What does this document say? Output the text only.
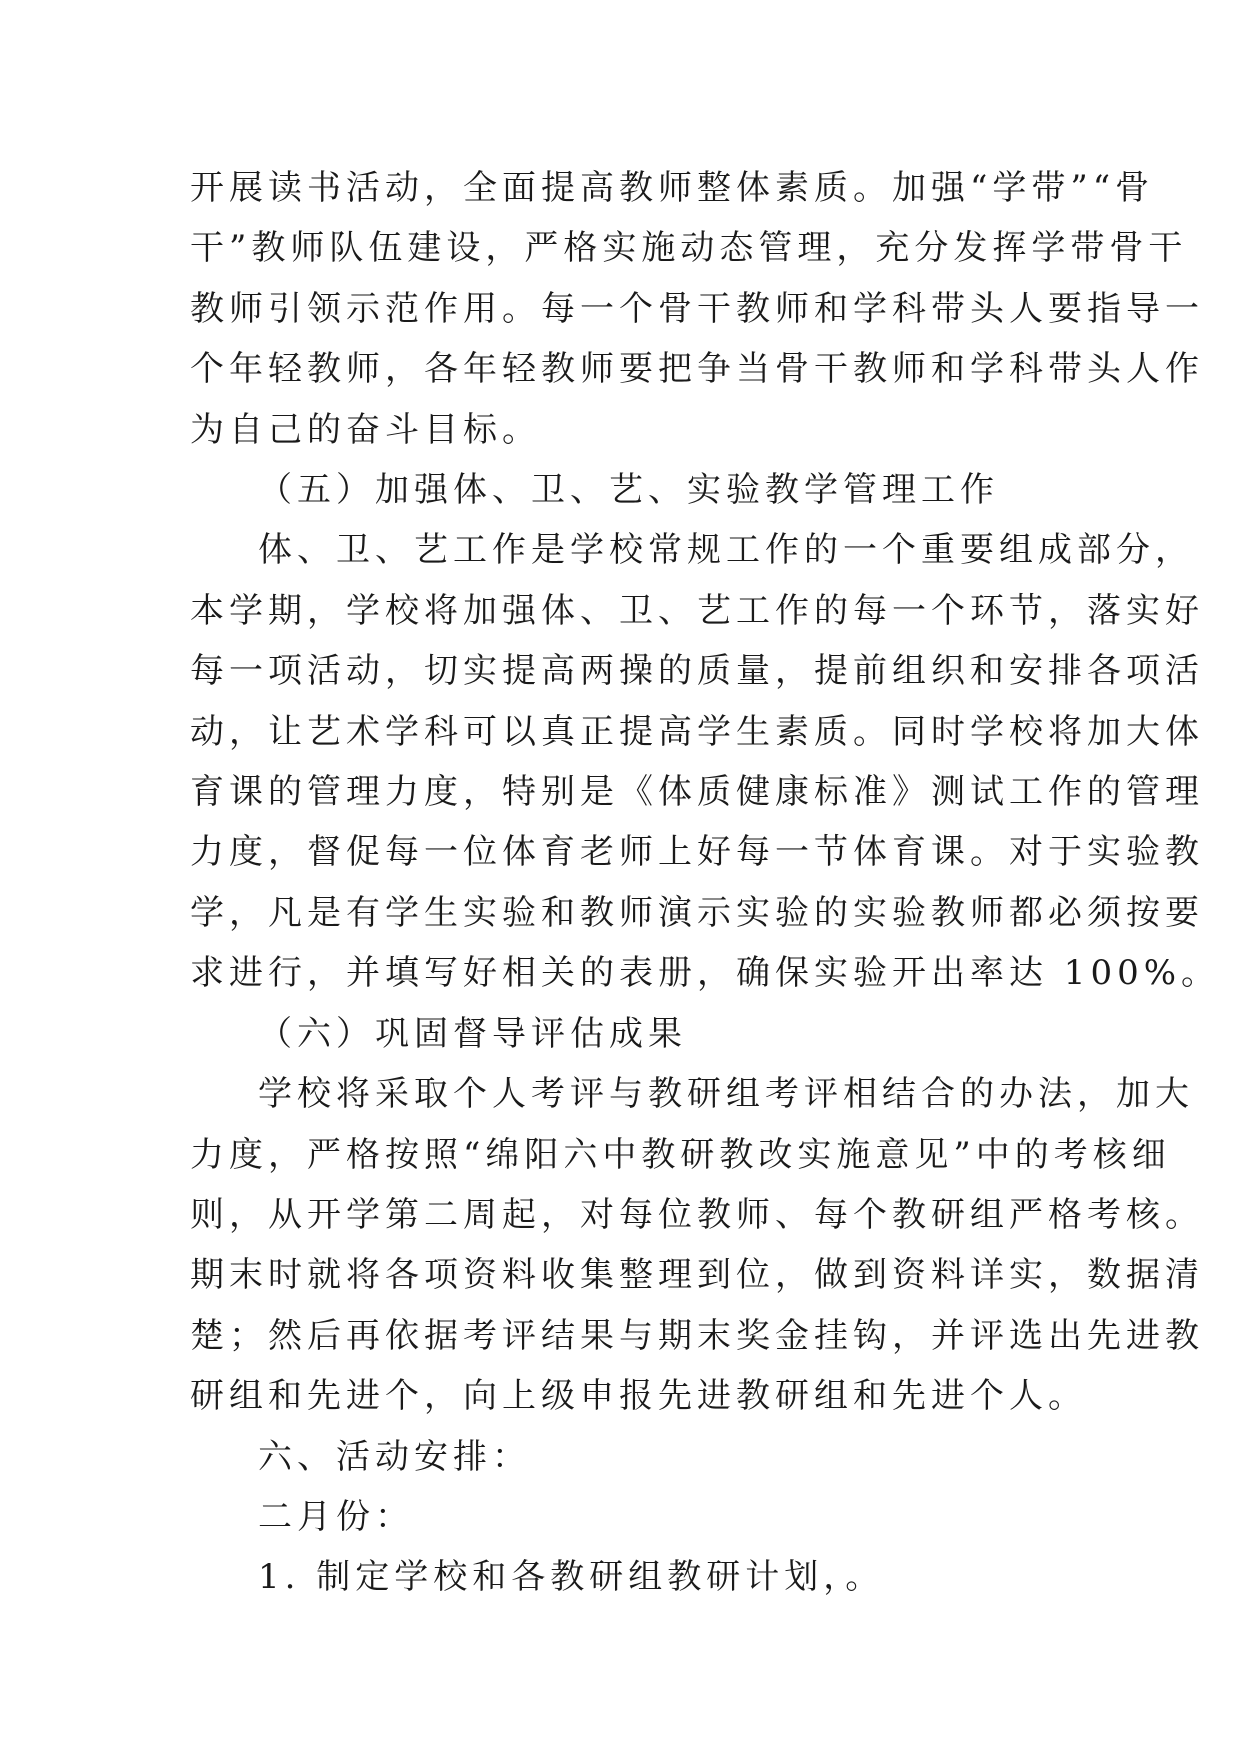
开展读书活动，全面提高教师整体素质。加强“学带”“骨
干”教师队伍建设，严格实施动态管理，充分发挥学带骨干
教师引领示范作用。每一个骨干教师和学科带头人要指导一
个年轻教师，各年轻教师要把争当骨干教师和学科带头人作
为自己的奋斗目标。

（五）加强体、卫、艺、实验教学管理工作

体、卫、艺工作是学校常规工作的一个重要组成部分，
本学期，学校将加强体、卫、艺工作的每一个环节，落实好
每一项活动，切实提高两操的质量，提前组织和安排各项活
动，让艺术学科可以真正提高学生素质。同时学校将加大体
育课的管理力度，特别是《体质健康标准》测试工作的管理
力度，督促每一位体育老师上好每一节体育课。对于实验教
学，凡是有学生实验和教师演示实验的实验教师都必须按要
求进行，并填写好相关的表册，确保实验开出率达 100%。

（六）巩固督导评估成果

学校将采取个人考评与教研组考评相结合的办法，加大
力度，严格按照“绵阳六中教研教改实施意见”中的考核细
则，从开学第二周起，对每位教师、每个教研组严格考核。
期末时就将各项资料收集整理到位，做到资料详实，数据清
楚；然后再依据考评结果与期末奖金挂钩，并评选出先进教
研组和先进个，向上级申报先进教研组和先进个人。

六、活动安排：

二月份：

1. 制定学校和各教研组教研计划，。
